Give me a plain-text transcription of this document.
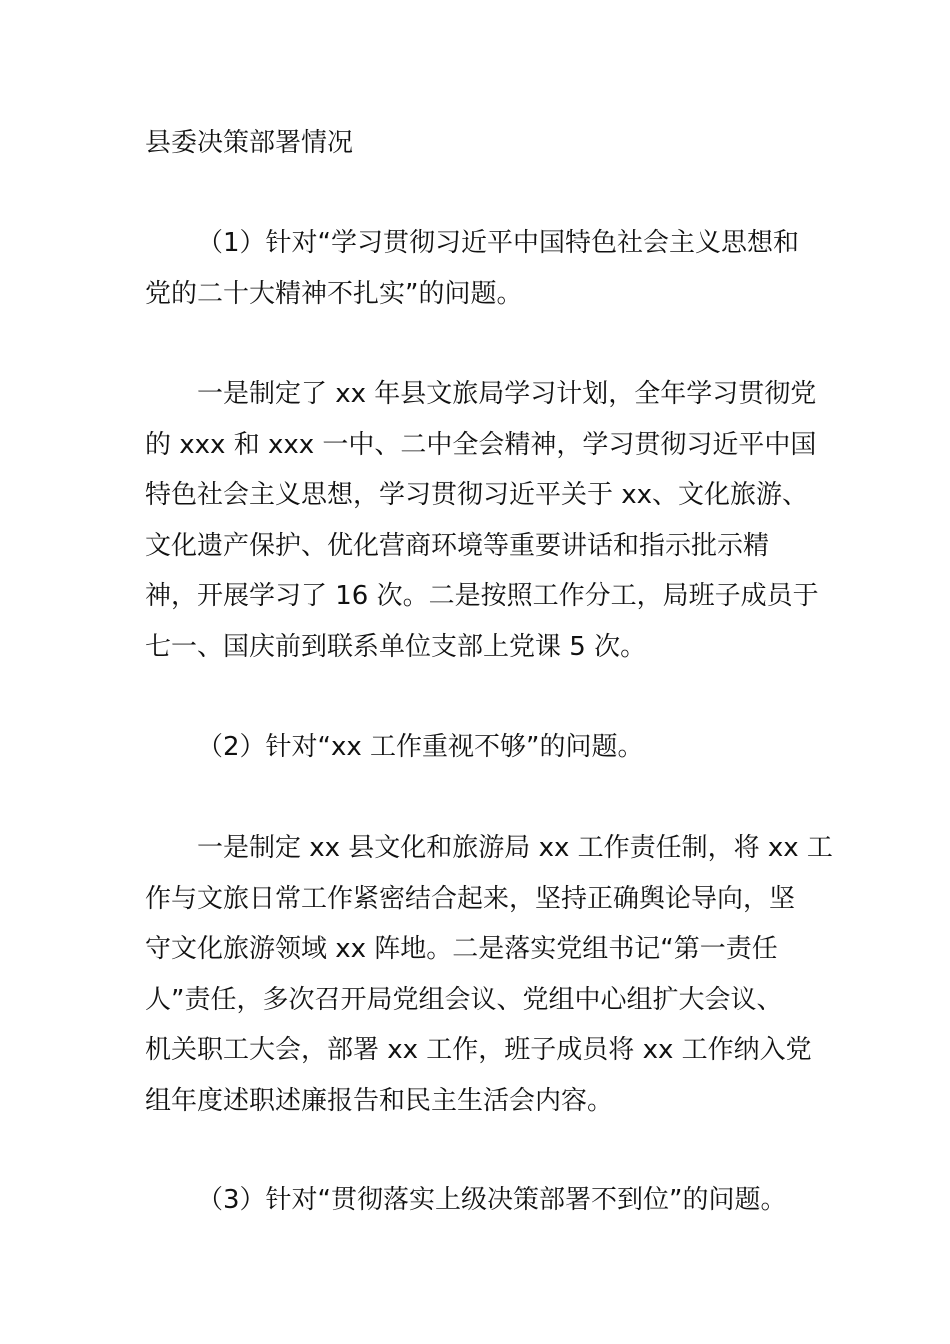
县委决策部署情况
（1）针对“学习贯彻习近平中国特色社会主义思想和
党的二十大精神不扎实”的问题。
一是制定了 xx 年县文旅局学习计划，全年学习贯彻党
的 xxx 和 xxx 一中、二中全会精神，学习贯彻习近平中国
特色社会主义思想，学习贯彻习近平关于 xx、文化旅游、
文化遗产保护、优化营商环境等重要讲话和指示批示精
神，开展学习了 16 次。二是按照工作分工，局班子成员于
七一、国庆前到联系单位支部上党课 5 次。
（2）针对“xx 工作重视不够”的问题。
一是制定 xx 县文化和旅游局 xx 工作责任制，将 xx 工
作与文旅日常工作紧密结合起来，坚持正确舆论导向，坚
守文化旅游领域 xx 阵地。二是落实党组书记“第一责任
人”责任，多次召开局党组会议、党组中心组扩大会议、
机关职工大会，部署 xx 工作，班子成员将 xx 工作纳入党
组年度述职述廉报告和民主生活会内容。
（3）针对“贯彻落实上级决策部署不到位”的问题。
